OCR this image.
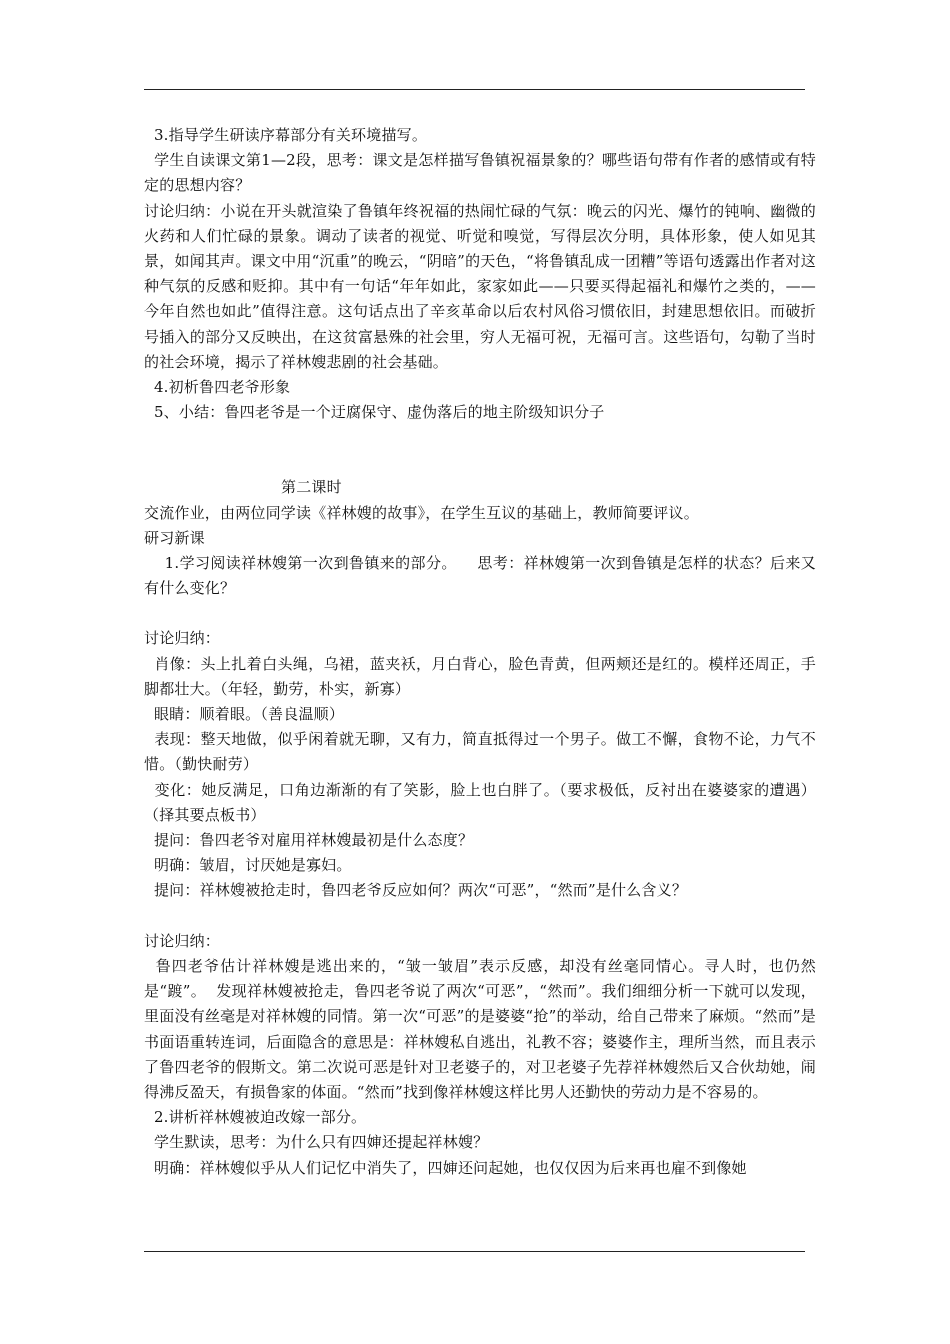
3.指导学生研读序幕部分有关环境描写。

学生自读课文第1—2段，思考：课文是怎样描写鲁镇祝福景象的？哪些语句带有作者的感情或有特定的思想内容？

讨论归纳：小说在开头就渲染了鲁镇年终祝福的热闹忙碌的气氛：晚云的闪光、爆竹的钝响、幽微的火药和人们忙碌的景象。调动了读者的视觉、听觉和嗅觉，写得层次分明，具体形象，使人如见其景，如闻其声。课文中用“沉重”的晚云，“阴暗”的天色，“将鲁镇乱成一团糟”等语句透露出作者对这种气氛的反感和贬抑。其中有一句话“年年如此，家家如此——只要买得起福礼和爆竹之类的，——今年自然也如此”值得注意。这句话点出了辛亥革命以后农村风俗习惯依旧，封建思想依旧。而破折号插入的部分又反映出，在这贫富悬殊的社会里，穷人无福可祝，无福可言。这些语句，勾勒了当时的社会环境，揭示了祥林嫂悲剧的社会基础。

4.初析鲁四老爷形象

5、小结：鲁四老爷是一个迂腐保守、虚伪落后的地主阶级知识分子

第二课时

交流作业，由两位同学读《祥林嫂的故事》，在学生互议的基础上，教师简要评议。

研习新课

1.学习阅读祥林嫂第一次到鲁镇来的部分。    思考：祥林嫂第一次到鲁镇是怎样的状态？后来又有什么变化？

讨论归纳：

肖像：头上扎着白头绳，乌裙，蓝夹袄，月白背心，脸色青黄，但两颊还是红的。模样还周正，手脚都壮大。（年轻，勤劳，朴实，新寡）

眼睛：顺着眼。（善良温顺）

表现：整天地做，似乎闲着就无聊，又有力，简直抵得过一个男子。做工不懈，食物不论，力气不惜。（勤快耐劳）

变化：她反满足，口角边渐渐的有了笑影，脸上也白胖了。（要求极低，反衬出在婆婆家的遭遇）（择其要点板书）

提问：鲁四老爷对雇用祥林嫂最初是什么态度？

明确：皱眉，讨厌她是寡妇。

提问：祥林嫂被抢走时，鲁四老爷反应如何？两次“可恶”，“然而”是什么含义？

讨论归纳：

鲁四老爷估计祥林嫂是逃出来的，“皱一皱眉”表示反感，却没有丝毫同情心。寻人时，也仍然是“踱”。  发现祥林嫂被抢走，鲁四老爷说了两次“可恶”，“然而”。我们细细分析一下就可以发现，里面没有丝毫是对祥林嫂的同情。第一次“可恶”的是婆婆“抢”的举动，给自己带来了麻烦。“然而”是书面语重转连词，后面隐含的意思是：祥林嫂私自逃出，礼教不容；婆婆作主，理所当然，而且表示了鲁四老爷的假斯文。第二次说可恶是针对卫老婆子的，对卫老婆子先荐祥林嫂然后又合伙劫她，闹得沸反盈天，有损鲁家的体面。“然而”找到像祥林嫂这样比男人还勤快的劳动力是不容易的。

2.讲析祥林嫂被迫改嫁一部分。

学生默读，思考：为什么只有四婶还提起祥林嫂？

明确：祥林嫂似乎从人们记忆中消失了，四婶还问起她，也仅仅因为后来再也雇不到像她
